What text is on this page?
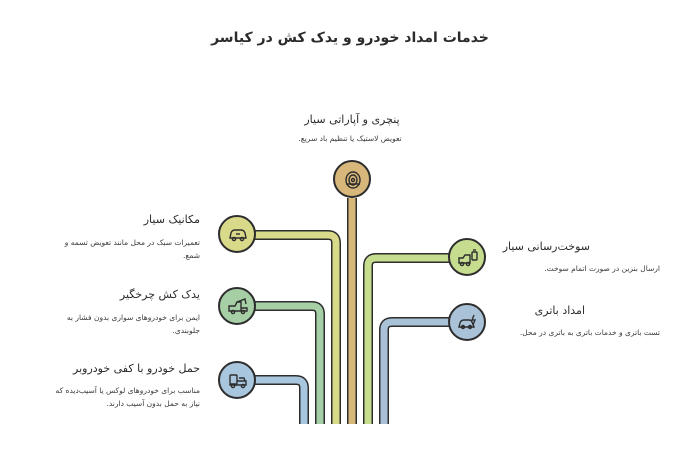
خدمات امداد خودرو و یدک کش در کیاسر
پنچری و آپاراتی سیار
تعویض لاستیک یا تنظیم باد سریع.
مکانیک سیار
تعمیرات سبک در محل مانند تعویض تسمه و شمع.
یدک کش چرخگیر
ایمن برای خودروهای سواری بدون فشار به جلوبندی.
حمل خودرو با کفی خودروبر
مناسب برای خودروهای لوکس یا آسیب‌دیده که نیاز به حمل بدون آسیب دارند.
سوخت‌رسانی سیار
ارسال بنزین در صورت اتمام سوخت.
امداد باتری
تست باتری و خدمات باتری به باتری در محل.
